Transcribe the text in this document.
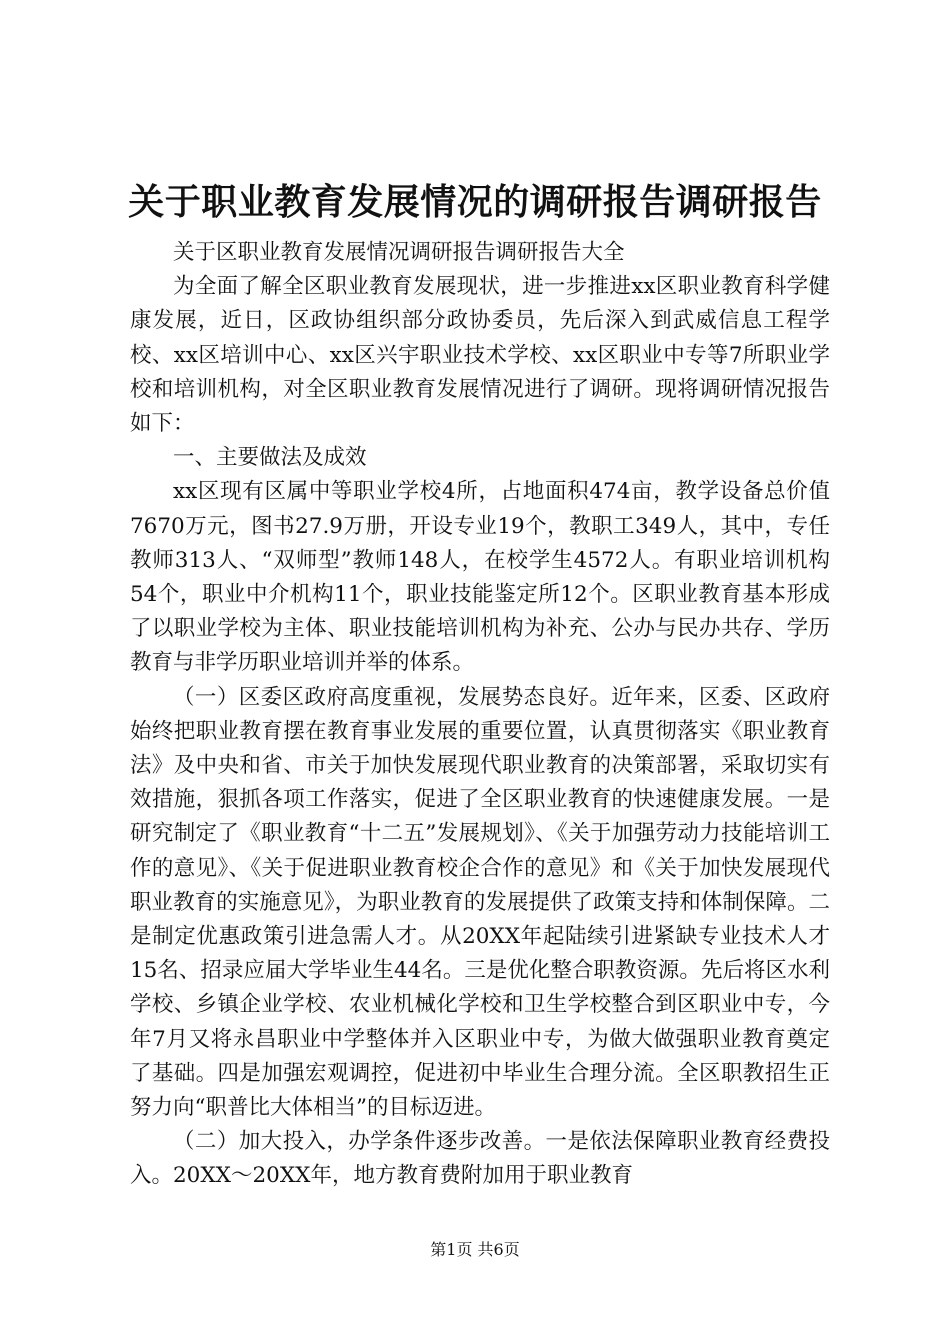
关于职业教育发展情况的调研报告调研报告

关于区职业教育发展情况调研报告调研报告大全

为全面了解全区职业教育发展现状，进一步推进xx区职业教育科学健康发展，近日，区政协组织部分政协委员，先后深入到武威信息工程学校、xx区培训中心、xx区兴宇职业技术学校、xx区职业中专等7所职业学校和培训机构，对全区职业教育发展情况进行了调研。现将调研情况报告如下：

一、主要做法及成效

xx区现有区属中等职业学校4所，占地面积474亩，教学设备总价值7670万元，图书27.9万册，开设专业19个，教职工349人，其中，专任教师313人、“双师型”教师148人，在校学生4572人。有职业培训机构54个，职业中介机构11个，职业技能鉴定所12个。区职业教育基本形成了以职业学校为主体、职业技能培训机构为补充、公办与民办共存、学历教育与非学历职业培训并举的体系。

（一）区委区政府高度重视，发展势态良好。近年来，区委、区政府始终把职业教育摆在教育事业发展的重要位置，认真贯彻落实《职业教育法》及中央和省、市关于加快发展现代职业教育的决策部署，采取切实有效措施，狠抓各项工作落实，促进了全区职业教育的快速健康发展。一是研究制定了《职业教育“十二五”发展规划》、《关于加强劳动力技能培训工作的意见》、《关于促进职业教育校企合作的意见》和《关于加快发展现代职业教育的实施意见》，为职业教育的发展提供了政策支持和体制保障。二是制定优惠政策引进急需人才。从20XX年起陆续引进紧缺专业技术人才15名、招录应届大学毕业生44名。三是优化整合职教资源。先后将区水利学校、乡镇企业学校、农业机械化学校和卫生学校整合到区职业中专，今年7月又将永昌职业中学整体并入区职业中专，为做大做强职业教育奠定了基础。四是加强宏观调控，促进初中毕业生合理分流。全区职教招生正努力向“职普比大体相当”的目标迈进。

（二）加大投入，办学条件逐步改善。一是依法保障职业教育经费投入。20XX～20XX年，地方教育费附加用于职业教育

第1页 共6页
